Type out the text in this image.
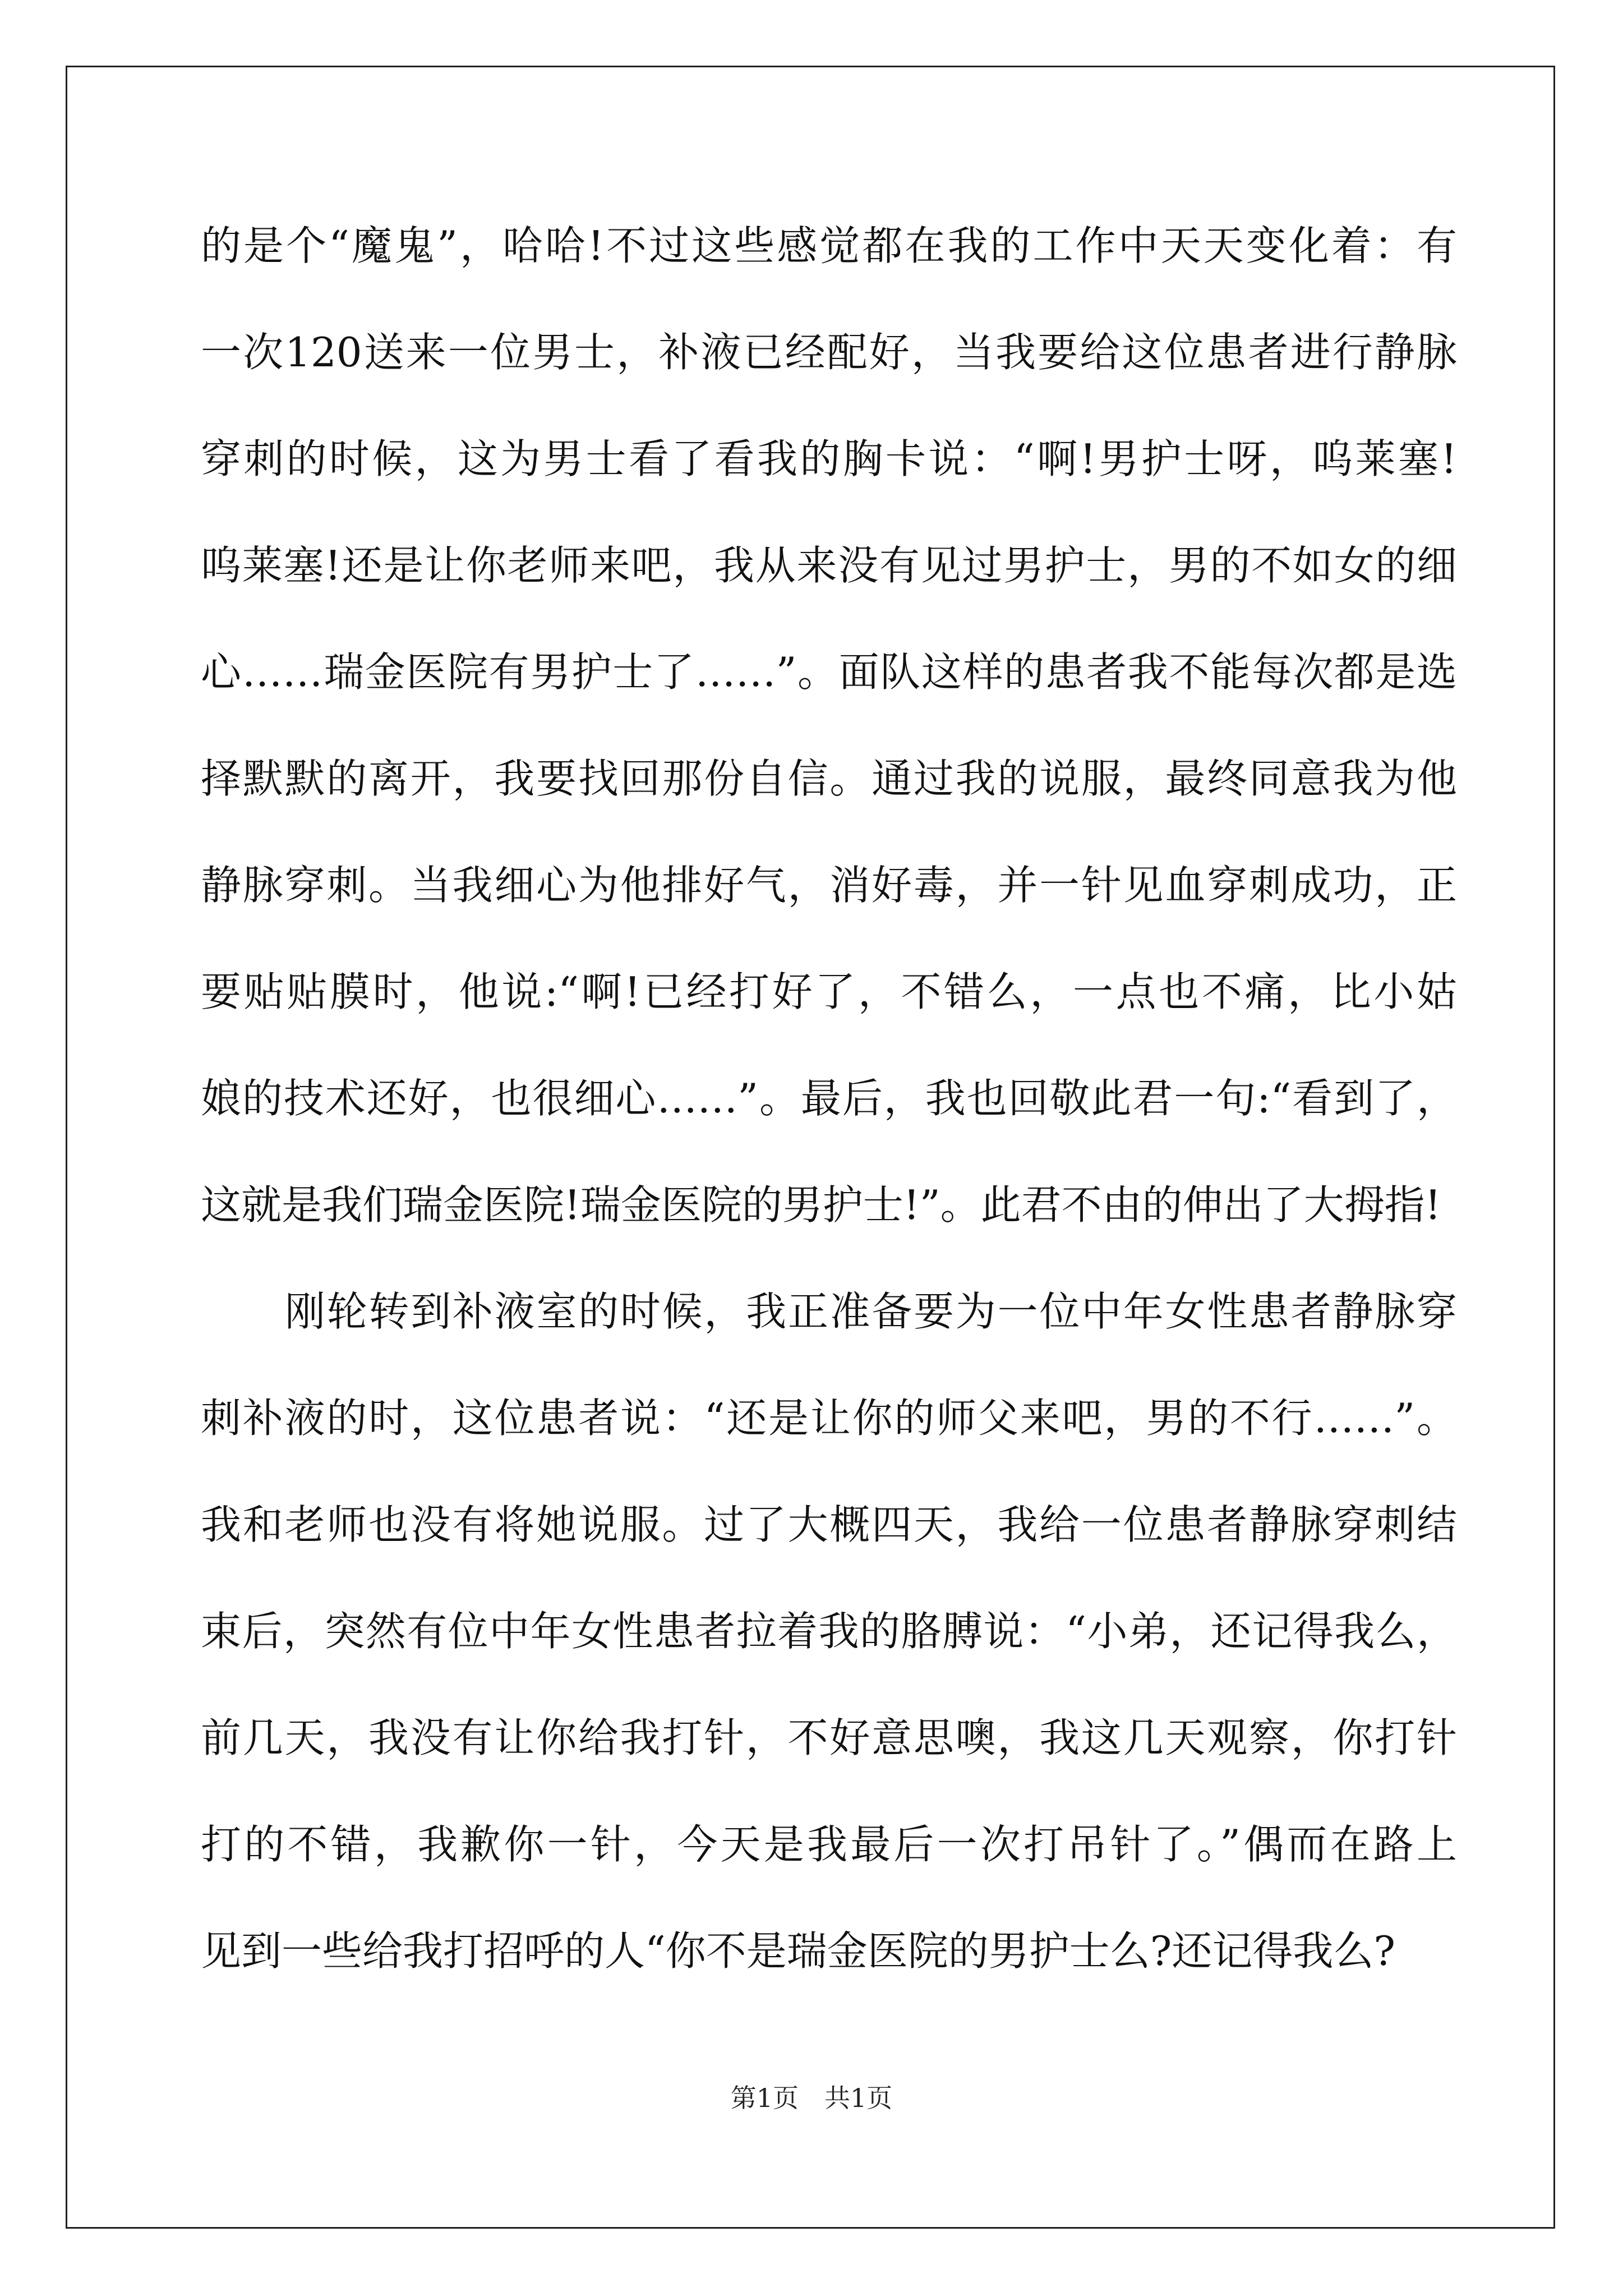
的是个“魔鬼”，哈哈!不过这些感觉都在我的工作中天天变化着：有
一次120送来一位男士，补液已经配好，当我要给这位患者进行静脉
穿刺的时候，这为男士看了看我的胸卡说：“啊!男护士呀，呜莱塞!
呜莱塞!还是让你老师来吧，我从来没有见过男护士，男的不如女的细
心……瑞金医院有男护士了……”。面队这样的患者我不能每次都是选
择默默的离开，我要找回那份自信。通过我的说服，最终同意我为他
静脉穿刺。当我细心为他排好气，消好毒，并一针见血穿刺成功，正
要贴贴膜时，他说:“啊!已经打好了，不错么，一点也不痛，比小姑
娘的技术还好，也很细心……”。最后，我也回敬此君一句:“看到了，
这就是我们瑞金医院!瑞金医院的男护士!”。此君不由的伸出了大拇指!
刚轮转到补液室的时候，我正准备要为一位中年女性患者静脉穿
刺补液的时，这位患者说：“还是让你的师父来吧，男的不行……”。
我和老师也没有将她说服。过了大概四天，我给一位患者静脉穿刺结
束后，突然有位中年女性患者拉着我的胳膊说：“小弟，还记得我么，
前几天，我没有让你给我打针，不好意思噢，我这几天观察，你打针
打的不错，我歉你一针，今天是我最后一次打吊针了。”偶而在路上
见到一些给我打招呼的人“你不是瑞金医院的男护士么?还记得我么?
第1页　共1页
